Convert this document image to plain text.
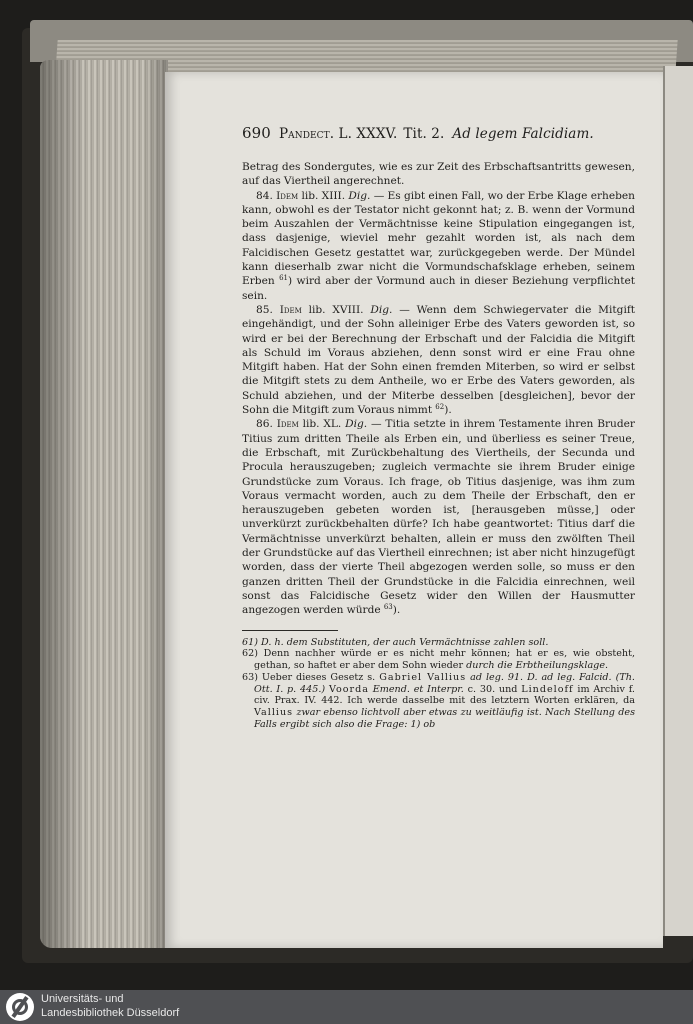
690 Pandect. L. XXXV. Tit. 2. Ad legem Falcidiam.

Betrag des Sondergutes, wie es zur Zeit des Erbschaftsantritts gewesen, auf das Viertheil angerechnet.

84. Idem lib. XIII. Dig. — Es gibt einen Fall, wo der Erbe Klage erheben kann, obwohl es der Testator nicht gekonnt hat; z. B. wenn der Vormund beim Auszahlen der Vermächtnisse keine Stipulation eingegangen ist, dass dasjenige, wieviel mehr gezahlt worden ist, als nach dem Falcidischen Gesetz gestattet war, zurückgegeben werde. Der Mündel kann dieserhalb zwar nicht die Vormundschafsklage erheben, seinem Erben $^{61}$) wird aber der Vormund auch in dieser Beziehung verpflichtet sein.

85. Idem lib. XVIII. Dig. — Wenn dem Schwiegervater die Mitgift eingehändigt, und der Sohn alleiniger Erbe des Vaters geworden ist, so wird er bei der Berechnung der Erbschaft und der Falcidia die Mitgift als Schuld im Voraus abziehen, denn sonst wird er eine Frau ohne Mitgift haben. Hat der Sohn einen fremden Miterben, so wird er selbst die Mitgift stets zu dem Antheile, wo er Erbe des Vaters geworden, als Schuld abziehen, und der Miterbe desselben [desgleichen], bevor der Sohn die Mitgift zum Voraus nimmt $^{62}$).

86. Idem lib. XL. Dig. — Titia setzte in ihrem Testamente ihren Bruder Titius zum dritten Theile als Erben ein, und überliess es seiner Treue, die Erbschaft, mit Zurückbehaltung des Viertheils, der Secunda und Procula herauszugeben; zugleich vermachte sie ihrem Bruder einige Grundstücke zum Voraus. Ich frage, ob Titius dasjenige, was ihm zum Voraus vermacht worden, auch zu dem Theile der Erbschaft, den er herauszugeben gebeten worden ist, [herausgeben müsse,] oder unverkürzt zurückbehalten dürfe? Ich habe geantwortet: Titius darf die Vermächtnisse unverkürzt behalten, allein er muss den zwölften Theil der Grundstücke auf das Viertheil einrechnen; ist aber nicht hinzugefügt worden, dass der vierte Theil abgezogen werden solle, so muss er den ganzen dritten Theil der Grundstücke in die Falcidia einrechnen, weil sonst das Falcidische Gesetz wider den Willen der Hausmutter angezogen werden würde $^{63}$).

61) D. h. dem Substituten, der auch Vermächtnisse zahlen soll.

62) Denn nachher würde er es nicht mehr können; hat er es, wie obsteht, gethan, so haftet er aber dem Sohn wieder durch die Erbtheilungsklage.

63) Ueber dieses Gesetz s. Gabriel Vallius ad leg. 91. D. ad leg. Falcid. (Th. Ott. I. p. 445.) Voorda Emend. et Interpr. c. 30. und Lindeloff im Archiv f. civ. Prax. IV. 442. Ich werde dasselbe mit des letztern Worten erklären, da Vallius zwar ebenso lichtvoll aber etwas zu weitläufig ist. Nach Stellung des Falls ergibt sich also die Frage: 1) ob

Universitäts- und
Landesbibliothek Düsseldorf
